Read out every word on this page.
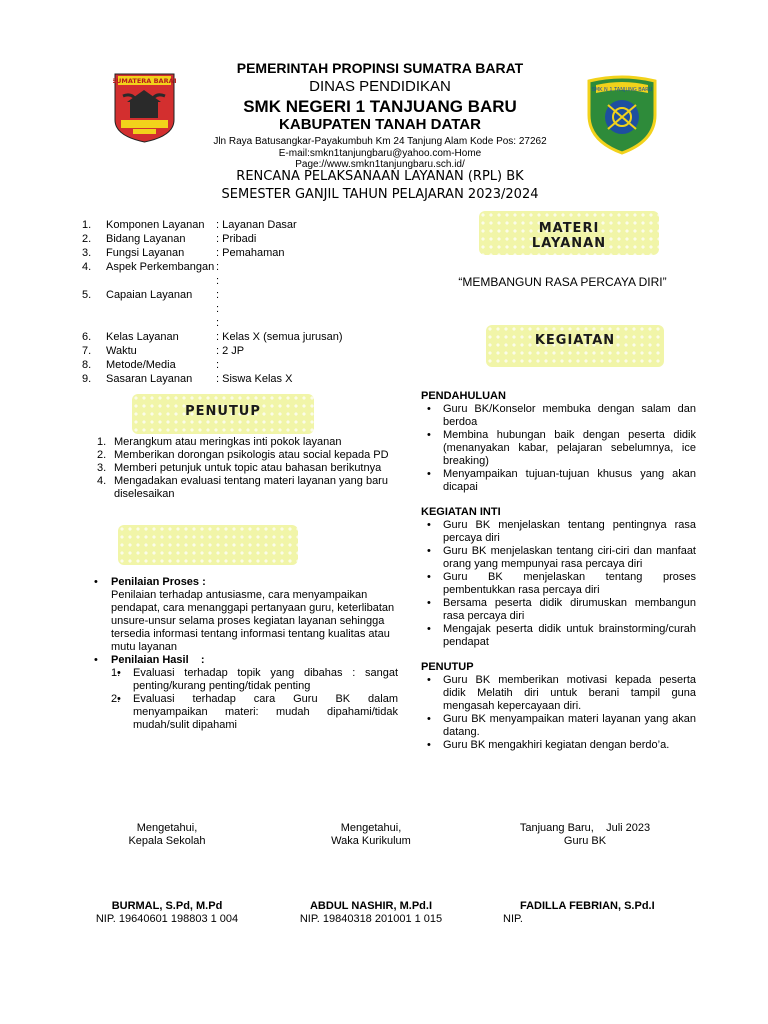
SUMATERA BARAT
SMK N 1 TANJUNG BARU
PEMERINTAH PROPINSI SUMATRA BARAT
DINAS PENDIDIKAN
SMK NEGERI 1 TANJUANG BARU
KABUPATEN TANAH DATAR
Jln Raya Batusangkar-Payakumbuh Km 24 Tanjung Alam Kode Pos: 27262
E-mail:smkn1tanjungbaru@yahoo.com-Home
Page://www.smkn1tanjungbaru.sch.id/
RENCANA PELAKSANAAN LAYANAN (RPL) BK
SEMESTER GANJIL TAHUN PELAJARAN 2023/2024
1. Komponen Layanan : Layanan Dasar
2. Bidang Layanan	: Pribadi
3. Fungsi Layanan	: Pemahaman
4. Aspek Perkembangan :
:
5. Capaian Layanan :
:
:
6. Kelas Layanan	: Kelas X (semua jurusan)
7. Waktu	: 2 JP
8. Metode/Media	:
9. Sasaran Layanan : Siswa Kelas X
MATERI
LAYANAN
“MEMBANGUN RASA PERCAYA DIRI”
KEGIATAN
PENDAHULUAN
• Guru BK/Konselor membuka dengan salam dan berdoa
• Membina hubungan baik dengan peserta didik (menanyakan kabar, pelajaran sebelumnya, ice breaking)
• Menyampaikan tujuan-tujuan khusus yang akan dicapai
KEGIATAN INTI
• Guru BK menjelaskan tentang pentingnya rasa percaya diri
• Guru BK menjelaskan tentang ciri-ciri dan manfaat orang yang mempunyai rasa percaya diri
• Guru BK menjelaskan tentang proses pembentukkan rasa percaya diri
• Bersama peserta didik dirumuskan membangun rasa percaya diri
• Mengajak peserta didik untuk brainstorming/curah pendapat
PENUTUP
• Guru BK memberikan motivasi kepada peserta didik Melatih diri untuk berani tampil guna mengasah kepercayaan diri.
• Guru BK menyampaikan materi layanan yang akan datang.
• Guru BK mengakhiri kegiatan dengan berdo’a.
PENUTUP
1. Merangkum atau meringkas inti pokok layanan
2. Memberikan dorongan psikologis atau social kepada PD
3. Memberi petunjuk untuk topic atau bahasan berikutnya
4. Mengadakan evaluasi tentang materi layanan yang baru diselesaikan
• Penilaian Proses :
Penilaian terhadap antusiasme, cara menyampaikan pendapat, cara menanggapi pertanyaan guru, keterlibatan unsure-unsur selama proses kegiatan layanan sehingga tersedia informasi tentang informasi tentang kualitas atau mutu layanan
• Penilaian Hasil    :
• 1. Evaluasi terhadap topik yang dibahas : sangat penting/kurang penting/tidak penting
• 2. Evaluasi terhadap cara Guru BK dalam menyampaikan materi: mudah dipahami/tidak mudah/sulit dipahami
Mengetahui,
Kepala Sekolah
BURMAL, S.Pd, M.Pd
NIP. 19640601 198803 1 004
Mengetahui,
Waka Kurikulum
ABDUL NASHIR, M.Pd.I
NIP. 19840318 201001 1 015
Tanjuang Baru,    Juli 2023
Guru BK
FADILLA FEBRIAN, S.Pd.I
NIP.
